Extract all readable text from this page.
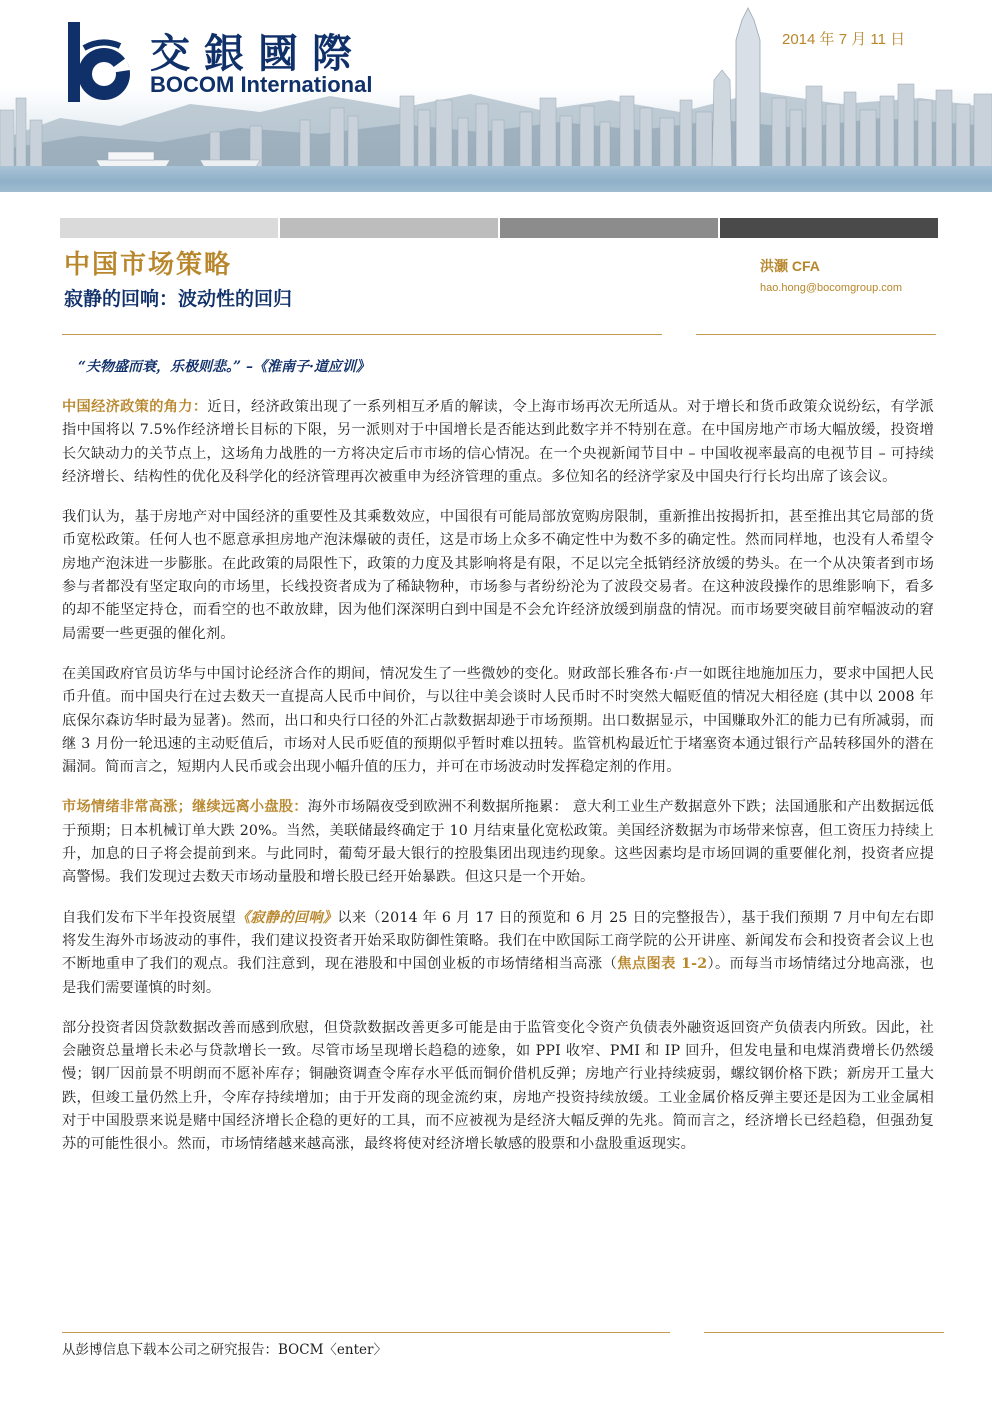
交銀國際
BOCOM International
2014 年 7 月 11 日
中国市场策略
寂静的回响：波动性的回归
洪灏 CFA
hao.hong@bocomgroup.com
“夫物盛而衰，乐极则悲。” –《淮南子·道应训》

中国经济政策的角力：近日，经济政策出现了一系列相互矛盾的解读，令上海市场再次无所适从。对于增长和货币政策众说纷纭，有学派指中国将以 7.5%作经济增长目标的下限，另一派则对于中国增长是否能达到此数字并不特别在意。在中国房地产市场大幅放缓，投资增长欠缺动力的关节点上，这场角力战胜的一方将决定后市市场的信心情况。在一个央视新闻节目中 – 中国收视率最高的电视节目 – 可持续经济增长、结构性的优化及科学化的经济管理再次被重申为经济管理的重点。多位知名的经济学家及中国央行行长均出席了该会议。

我们认为，基于房地产对中国经济的重要性及其乘数效应，中国很有可能局部放宽购房限制，重新推出按揭折扣，甚至推出其它局部的货币宽松政策。任何人也不愿意承担房地产泡沫爆破的责任，这是市场上众多不确定性中为数不多的确定性。然而同样地，也没有人希望令房地产泡沫进一步膨胀。在此政策的局限性下，政策的力度及其影响将是有限，不足以完全抵销经济放缓的势头。在一个从决策者到市场参与者都没有坚定取向的市场里，长线投资者成为了稀缺物种，市场参与者纷纷沦为了波段交易者。在这种波段操作的思维影响下，看多的却不能坚定持仓，而看空的也不敢放肆，因为他们深深明白到中国是不会允许经济放缓到崩盘的情况。而市场要突破目前窄幅波动的窘局需要一些更强的催化剂。

在美国政府官员访华与中国讨论经济合作的期间，情况发生了一些微妙的变化。财政部长雅各布·卢一如既往地施加压力，要求中国把人民币升值。而中国央行在过去数天一直提高人民币中间价，与以往中美会谈时人民币时不时突然大幅贬值的情况大相径庭 (其中以 2008 年底保尔森访华时最为显著)。然而，出口和央行口径的外汇占款数据却逊于市场预期。出口数据显示，中国赚取外汇的能力已有所减弱，而继 3 月份一轮迅速的主动贬值后，市场对人民币贬值的预期似乎暂时难以扭转。监管机构最近忙于堵塞资本通过银行产品转移国外的潜在漏洞。简而言之，短期内人民币或会出现小幅升值的压力，并可在市场波动时发挥稳定剂的作用。

市场情绪非常高涨；继续远离小盘股：海外市场隔夜受到欧洲不利数据所拖累： 意大利工业生产数据意外下跌；法国通胀和产出数据远低于预期；日本机械订单大跌 20%。当然，美联储最终确定于 10 月结束量化宽松政策。美国经济数据为市场带来惊喜，但工资压力持续上升，加息的日子将会提前到来。与此同时，葡萄牙最大银行的控股集团出现违约现象。这些因素均是市场回调的重要催化剂，投资者应提高警惕。我们发现过去数天市场动量股和增长股已经开始暴跌。但这只是一个开始。

自我们发布下半年投资展望《寂静的回响》以来（2014 年 6 月 17 日的预览和 6 月 25 日的完整报告），基于我们预期 7 月中旬左右即将发生海外市场波动的事件，我们建议投资者开始采取防御性策略。我们在中欧国际工商学院的公开讲座、新闻发布会和投资者会议上也不断地重申了我们的观点。我们注意到，现在港股和中国创业板的市场情绪相当高涨（焦点图表 1-2）。而每当市场情绪过分地高涨，也是我们需要谨慎的时刻。

部分投资者因贷款数据改善而感到欣慰，但贷款数据改善更多可能是由于监管变化令资产负债表外融资返回资产负债表内所致。因此，社会融资总量增长未必与贷款增长一致。尽管市场呈现增长趋稳的迹象，如 PPI 收窄、PMI 和 IP 回升，但发电量和电煤消费增长仍然缓慢；钢厂因前景不明朗而不愿补库存；铜融资调查令库存水平低而铜价借机反弹；房地产行业持续疲弱，螺纹钢价格下跌；新房开工量大跌，但竣工量仍然上升，令库存持续增加；由于开发商的现金流约束，房地产投资持续放缓。工业金属价格反弹主要还是因为工业金属相对于中国股票来说是赌中国经济增长企稳的更好的工具，而不应被视为是经济大幅反弹的先兆。简而言之，经济增长已经趋稳，但强劲复苏的可能性很小。然而，市场情绪越来越高涨，最终将使对经济增长敏感的股票和小盘股重返现实。

从彭博信息下载本公司之研究报告：BOCM〈enter〉
